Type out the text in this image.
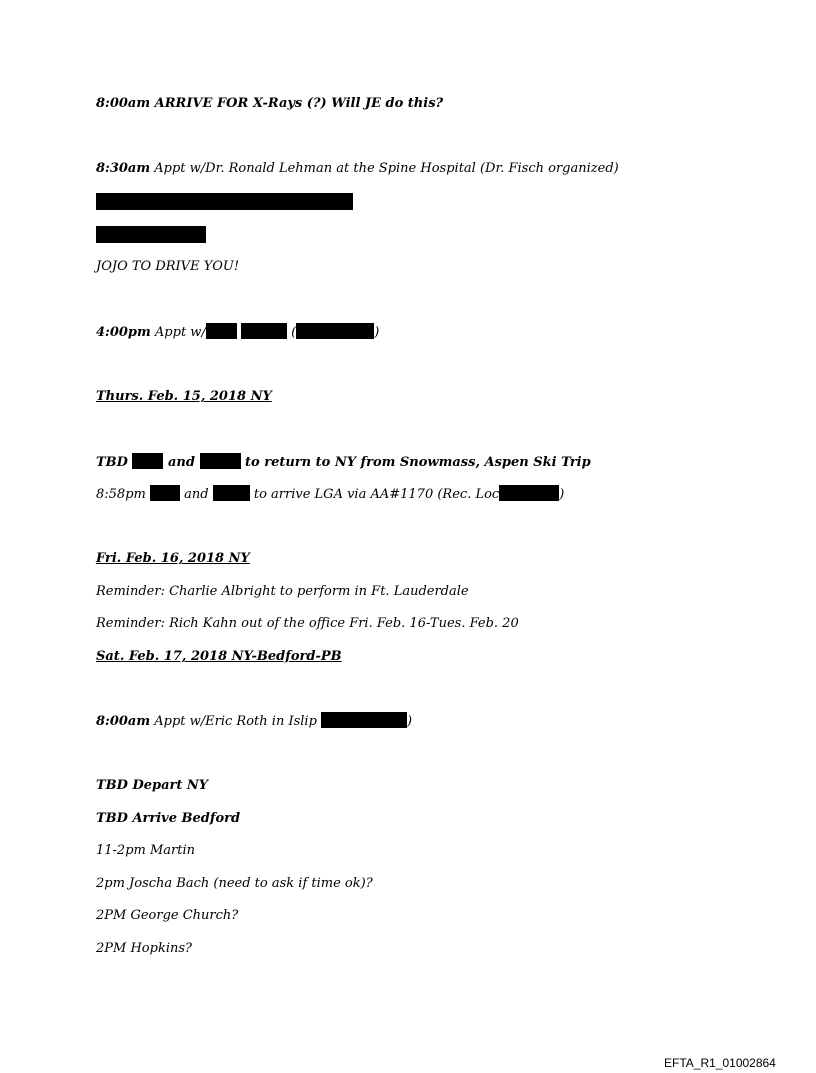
8:00am ARRIVE FOR X-Rays (?) Will JE do this?

8:30am Appt w/Dr. Ronald Lehman at the Spine Hospital (Dr. Fisch organized)

JOJO TO DRIVE YOU!

4:00pm Appt w/	(	)

Thurs. Feb. 15, 2018 NY

TBD	and	to return to NY from Snowmass, Aspen Ski Trip

8:58pm	and	to arrive LGA via AA#1170 (Rec. Loc	)

Fri. Feb. 16, 2018 NY

Reminder: Charlie Albright to perform in Ft. Lauderdale

Reminder: Rich Kahn out of the office Fri. Feb. 16-Tues. Feb. 20

Sat. Feb. 17, 2018 NY-Bedford-PB

8:00am Appt w/Eric Roth in Islip	)

TBD Depart NY

TBD Arrive Bedford

11-2pm Martin

2pm Joscha Bach (need to ask if time ok)?

2PM George Church?

2PM Hopkins?

EFTA_R1_01002864
